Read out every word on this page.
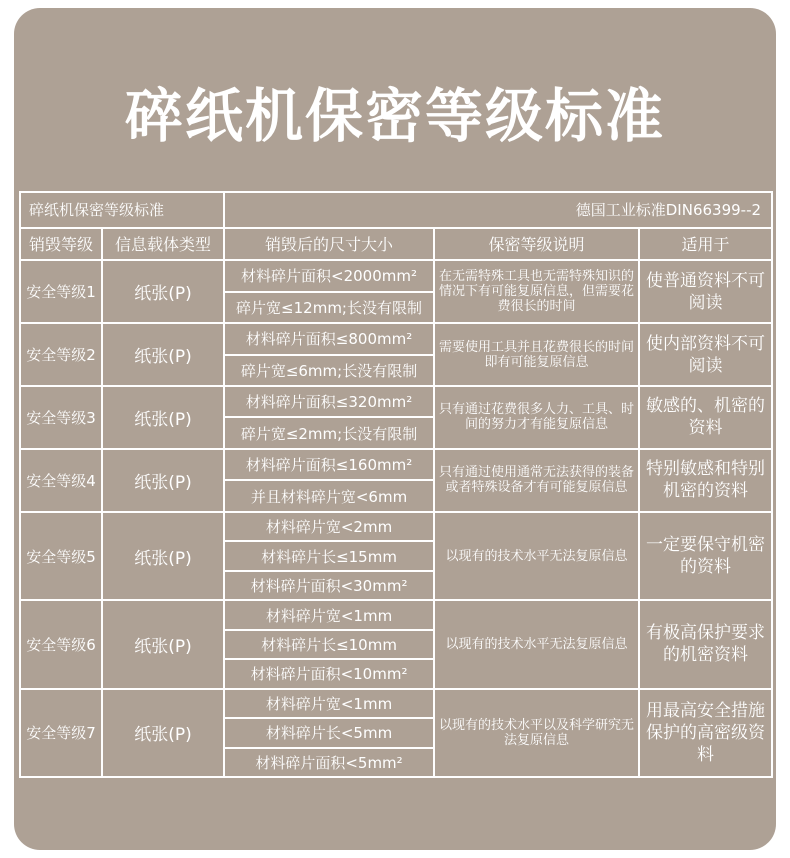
碎纸机保密等级标准
碎纸机保密等级标准		德国工业标准DIN66399--2		
销毁等级	信息载体类型	销毁后的尺寸大小	保密等级说明	适用于
安全等级1	纸张(P)	材料碎片面积<2000mm²	在无需特殊工具也无需特殊知识的情况下有可能复原信息，但需要花费很长的时间	使普通资料不可阅读
		碎片宽≤12mm;长没有限制		
安全等级2	纸张(P)	材料碎片面积≤800mm²	需要使用工具并且花费很长的时间即有可能复原信息	使内部资料不可阅读
		碎片宽≤6mm;长没有限制		
安全等级3	纸张(P)	材料碎片面积≤320mm²	只有通过花费很多人力、工具、时间的努力才有能复原信息	敏感的、机密的资料
		碎片宽≤2mm;长没有限制		
安全等级4	纸张(P)	材料碎片面积≤160mm²	只有通过使用通常无法获得的装备或者特殊设备才有可能复原信息	特别敏感和特别机密的资料
		并且材料碎片宽<6mm		
安全等级5	纸张(P)	材料碎片宽<2mm	以现有的技术水平无法复原信息	一定要保守机密的资料
		材料碎片长≤15mm		
		材料碎片面积<30mm²		
安全等级6	纸张(P)	材料碎片宽<1mm	以现有的技术水平无法复原信息	有极高保护要求的机密资料
		材料碎片长≤10mm		
		材料碎片面积<10mm²		
安全等级7	纸张(P)	材料碎片宽<1mm	以现有的技术水平以及科学研究无法复原信息	用最高安全措施保护的高密级资料
		材料碎片长<5mm		
		材料碎片面积<5mm²		
